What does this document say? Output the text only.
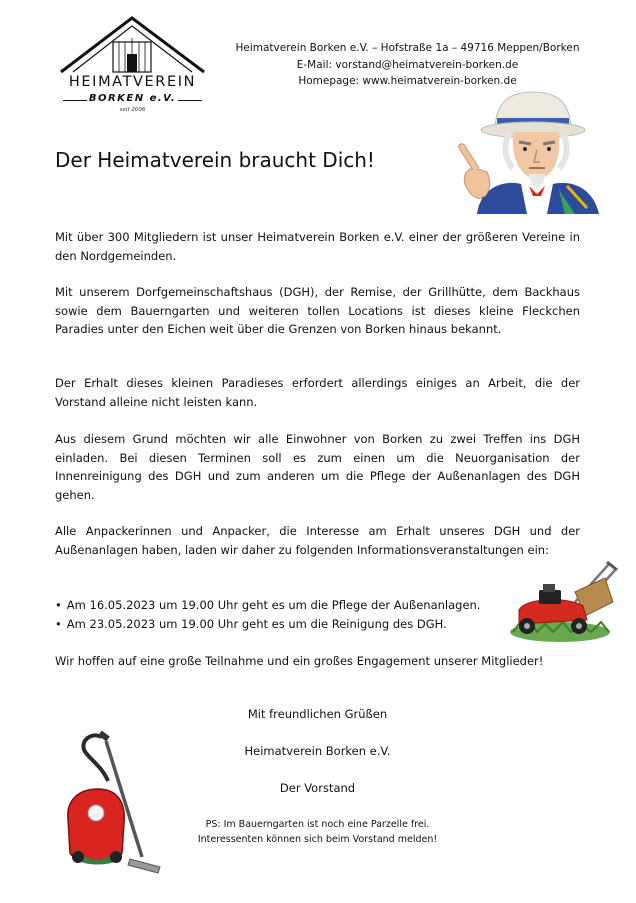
HEIMATVEREIN
BORKEN e.V.
seit 2006
Heimatverein Borken e.V. – Hofstraße 1a – 49716 Meppen/Borken
E-Mail: vorstand@heimatverein-borken.de
Homepage: www.heimatverein-borken.de
Der Heimatverein braucht Dich!

Mit über 300 Mitgliedern ist unser Heimatverein Borken e.V. einer der größeren Vereine in den Nordgemeinden.

Mit unserem Dorfgemeinschaftshaus (DGH), der Remise, der Grillhütte, dem Backhaus sowie dem Bauerngarten und weiteren tollen Locations ist dieses kleine Fleckchen Paradies unter den Eichen weit über die Grenzen von Borken hinaus bekannt.

Der Erhalt dieses kleinen Paradieses erfordert allerdings einiges an Arbeit, die der Vorstand alleine nicht leisten kann.

Aus diesem Grund möchten wir alle Einwohner von Borken zu zwei Treffen ins DGH einladen. Bei diesen Terminen soll es zum einen um die Neuorganisation der Innenreinigung des DGH und zum anderen um die Pflege der Außenanlagen des DGH gehen.

Alle Anpackerinnen und Anpacker, die Interesse am Erhalt unseres DGH und der Außenanlagen haben, laden wir daher zu folgenden Informationsveranstaltungen ein:

• Am 16.05.2023 um 19.00 Uhr geht es um die Pflege der Außenanlagen.
• Am 23.05.2023 um 19.00 Uhr geht es um die Reinigung des DGH.

Wir hoffen auf eine große Teilnahme und ein großes Engagement unserer Mitglieder!

Mit freundlichen Grüßen
Heimatverein Borken e.V.
Der Vorstand
PS: Im Bauerngarten ist noch eine Parzelle frei.
Interessenten können sich beim Vorstand melden!
